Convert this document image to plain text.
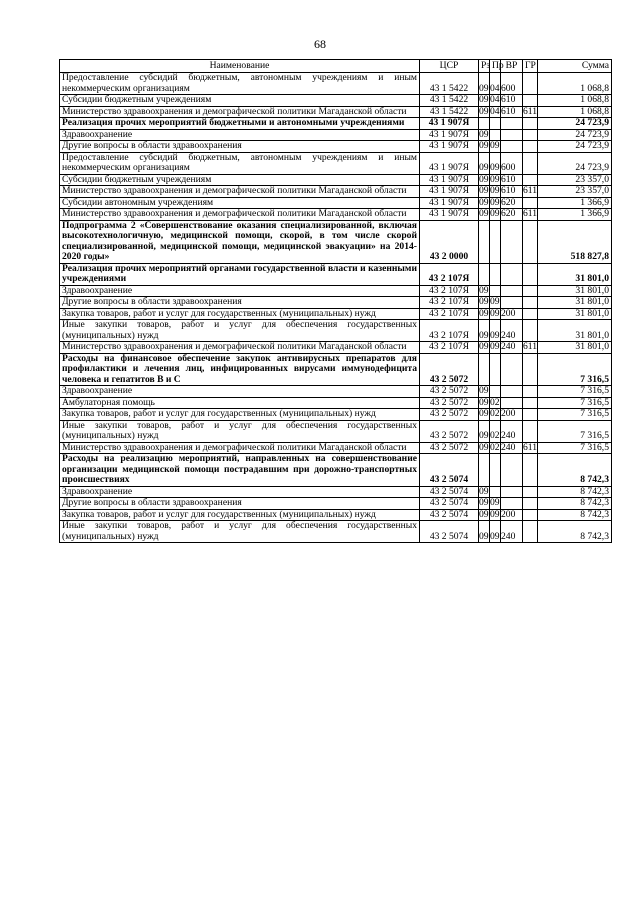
68
Наименование	ЦСР	Рз	Пр	ВР	ГР	Сумма
Предоставление субсидий бюджетным, автономным учреждениям и иным некоммерческим организациям	43 1 5422	09	04	600		1 068,8
Субсидии бюджетным учреждениям	43 1 5422	09	04	610		1 068,8
Министерство здравоохранения и демографической политики Магаданской области	43 1 5422	09	04	610	611	1 068,8
Реализация прочих мероприятий бюджетными и автономными учреждениями	43 1 907Я					24 723,9
Здравоохранение	43 1 907Я	09				24 723,9
Другие вопросы в области здравоохранения	43 1 907Я	09	09			24 723,9
Предоставление субсидий бюджетным, автономным учреждениям и иным некоммерческим организациям	43 1 907Я	09	09	600		24 723,9
Субсидии бюджетным учреждениям	43 1 907Я	09	09	610		23 357,0
Министерство здравоохранения и демографической политики Магаданской области	43 1 907Я	09	09	610	611	23 357,0
Субсидии автономным учреждениям	43 1 907Я	09	09	620		1 366,9
Министерство здравоохранения и демографической политики Магаданской области	43 1 907Я	09	09	620	611	1 366,9
Подпрограмма 2 «Совершенствование оказания специализированной, включая высокотехнологичную, медицинской помощи, скорой, в том числе скорой специализированной, медицинской помощи, медицинской эвакуации» на 2014-2020 годы»	43 2 0000					518 827,8
Реализация прочих мероприятий органами государственной власти и казенными учреждениями	43 2 107Я					31 801,0
Здравоохранение	43 2 107Я	09				31 801,0
Другие вопросы в области здравоохранения	43 2 107Я	09	09			31 801,0
Закупка товаров, работ и услуг для государственных (муниципальных) нужд	43 2 107Я	09	09	200		31 801,0
Иные закупки товаров, работ и услуг для обеспечения государственных (муниципальных) нужд	43 2 107Я	09	09	240		31 801,0
Министерство здравоохранения и демографической политики Магаданской области	43 2 107Я	09	09	240	611	31 801,0
Расходы на финансовое обеспечение закупок антивирусных препаратов для профилактики и лечения лиц, инфицированных вирусами иммунодефицита человека и гепатитов В и С	43 2 5072					7 316,5
Здравоохранение	43 2 5072	09				7 316,5
Амбулаторная помощь	43 2 5072	09	02			7 316,5
Закупка товаров, работ и услуг для государственных (муниципальных) нужд	43 2 5072	09	02	200		7 316,5
Иные закупки товаров, работ и услуг для обеспечения государственных (муниципальных) нужд	43 2 5072	09	02	240		7 316,5
Министерство здравоохранения и демографической политики Магаданской области	43 2 5072	09	02	240	611	7 316,5
Расходы на реализацию мероприятий, направленных на совершенствование организации медицинской помощи пострадавшим при дорожно-транспортных происшествиях	43 2 5074					8 742,3
Здравоохранение	43 2 5074	09				8 742,3
Другие вопросы в области здравоохранения	43 2 5074	09	09			8 742,3
Закупка товаров, работ и услуг для государственных (муниципальных) нужд	43 2 5074	09	09	200		8 742,3
Иные закупки товаров, работ и услуг для обеспечения государственных (муниципальных) нужд	43 2 5074	09	09	240		8 742,3
